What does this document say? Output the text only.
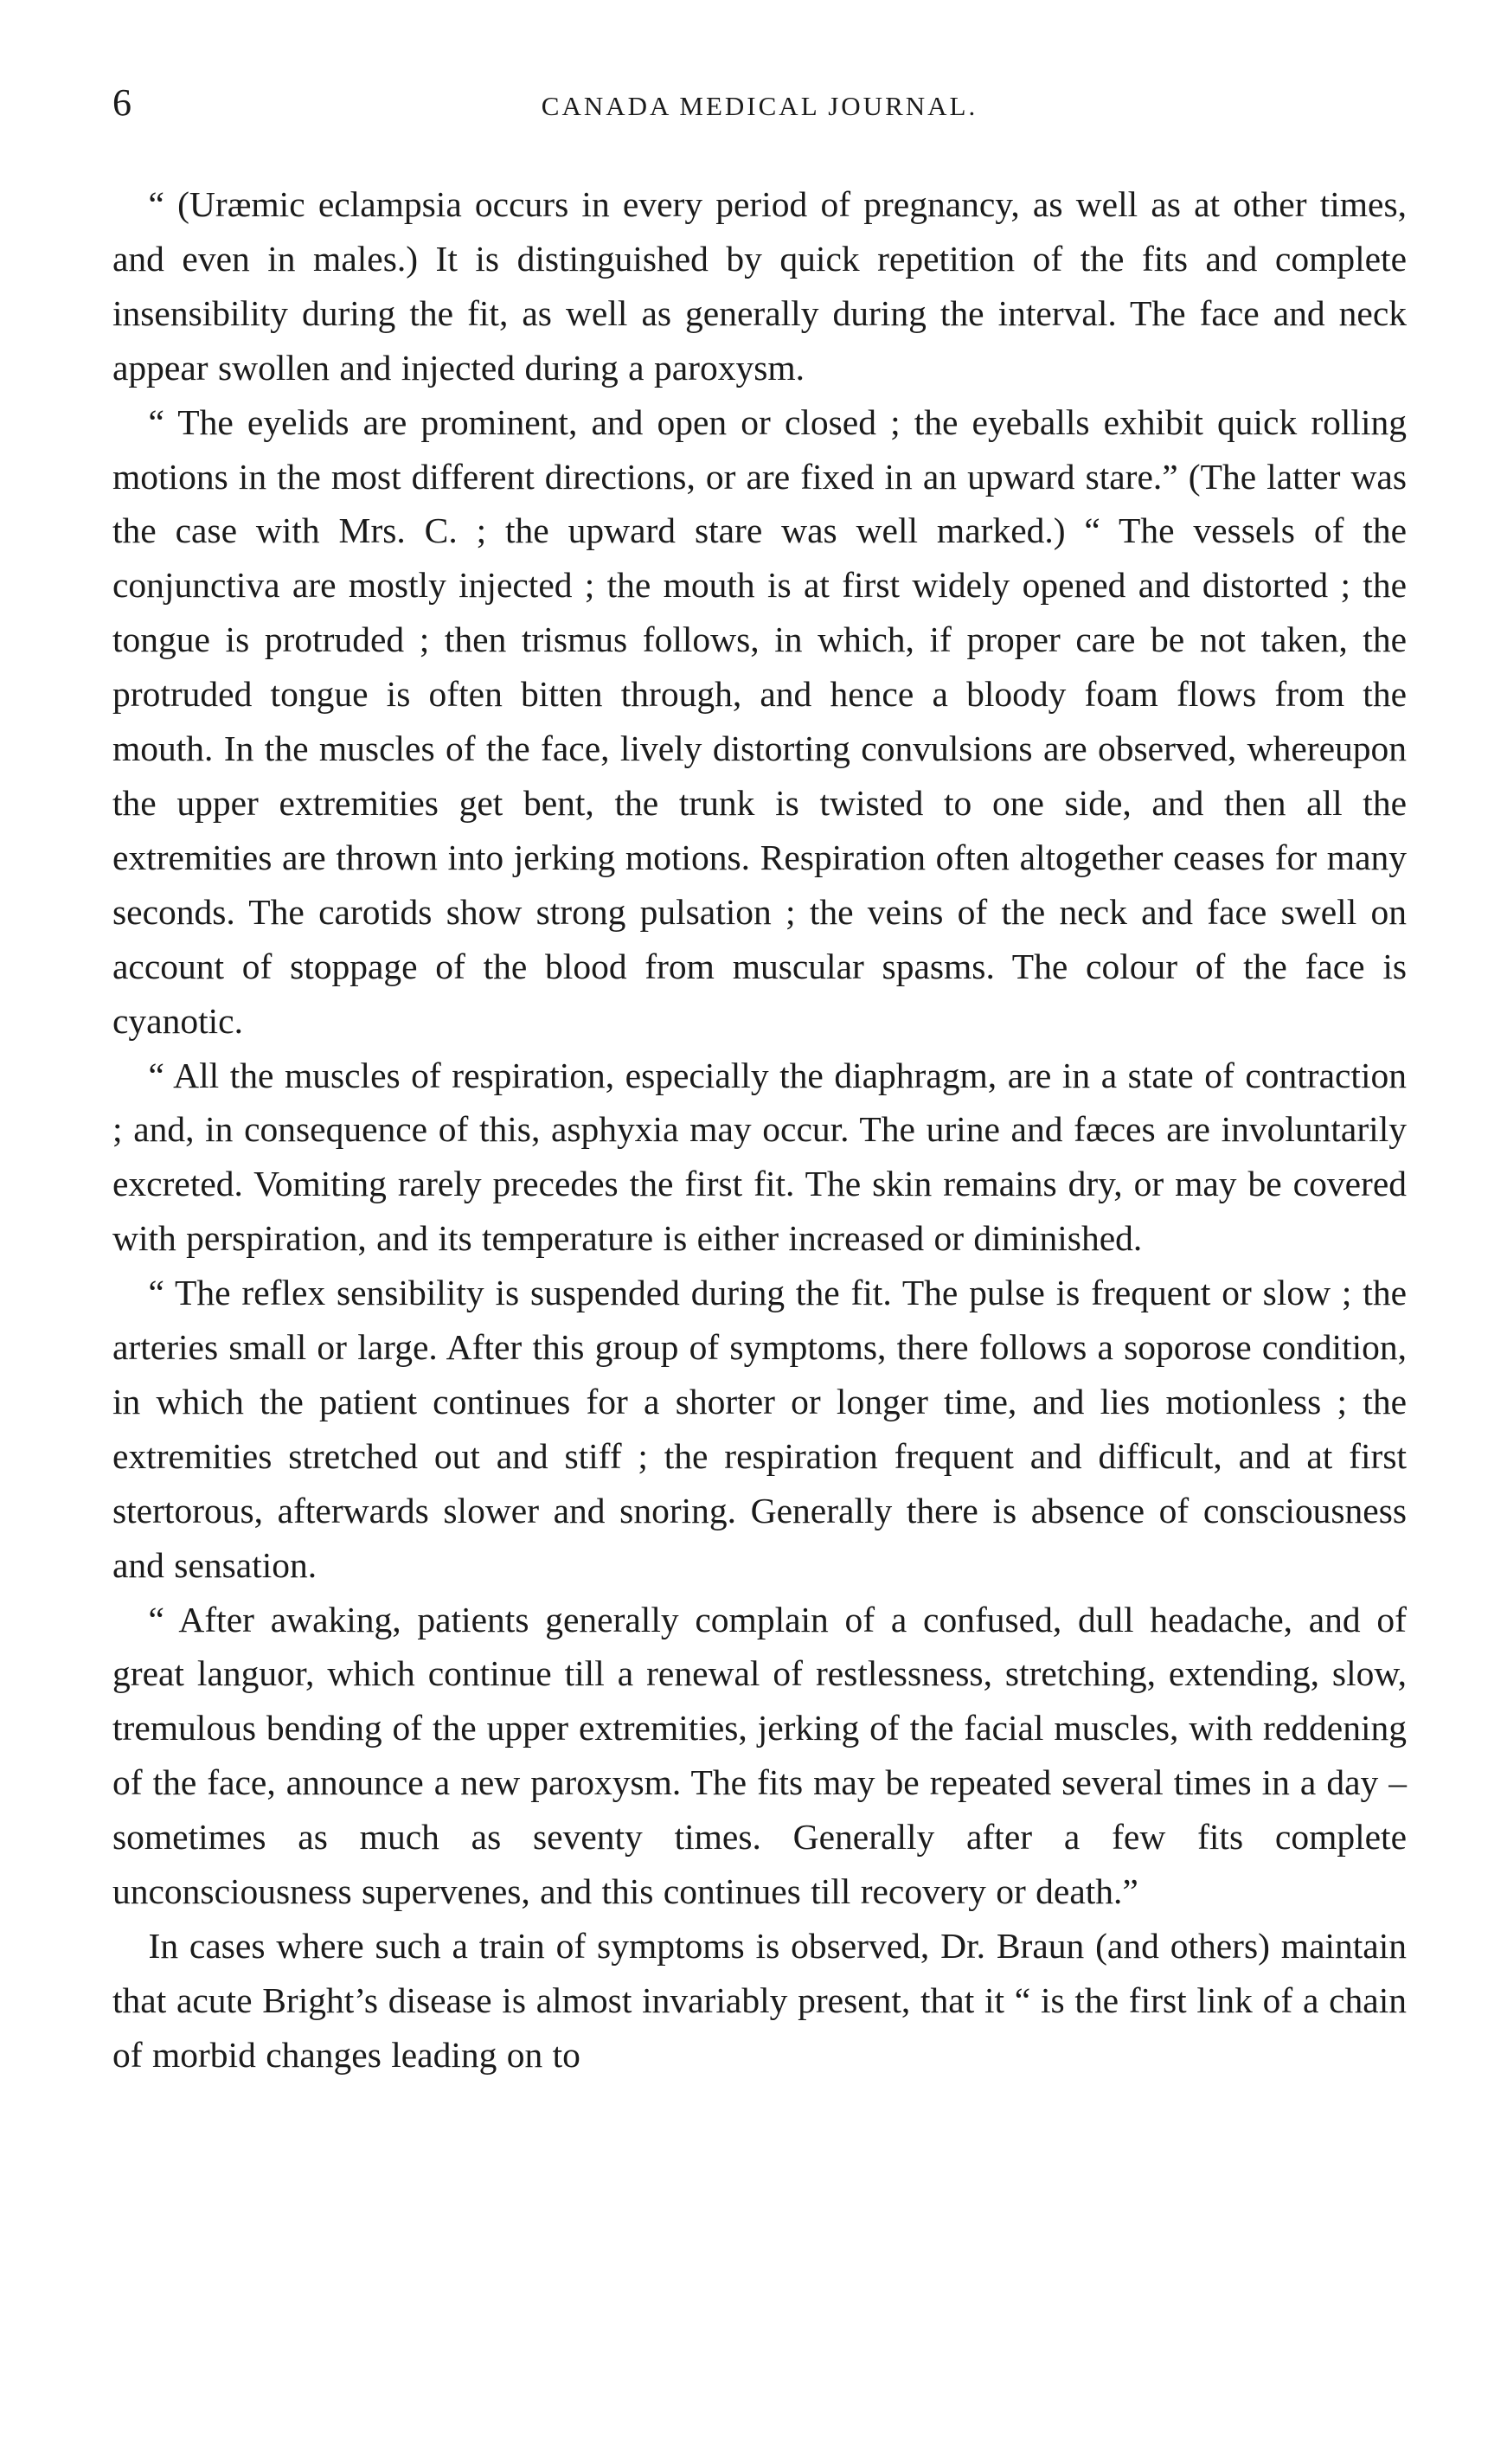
6	CANADA MEDICAL JOURNAL.

“ (Uræmic eclampsia occurs in every period of pregnancy, as well as at other times, and even in males.) It is distinguished by quick repetition of the fits and complete insensibility during the fit, as well as generally during the interval. The face and neck appear swollen and injected during a paroxysm.

“ The eyelids are prominent, and open or closed ; the eyeballs exhibit quick rolling motions in the most different directions, or are fixed in an upward stare.” (The latter was the case with Mrs. C. ; the upward stare was well marked.) “ The vessels of the conjunctiva are mostly injected ; the mouth is at first widely opened and distorted ; the tongue is protruded ; then trismus follows, in which, if proper care be not taken, the protruded tongue is often bitten through, and hence a bloody foam flows from the mouth. In the muscles of the face, lively distorting convulsions are observed, whereupon the upper extremities get bent, the trunk is twisted to one side, and then all the extremities are thrown into jerking motions. Respiration often altogether ceases for many seconds. The carotids show strong pulsation ; the veins of the neck and face swell on account of stoppage of the blood from muscular spasms. The colour of the face is cyanotic.

“ All the muscles of respiration, especially the diaphragm, are in a state of contraction ; and, in consequence of this, asphyxia may occur. The urine and fæces are involuntarily excreted. Vomiting rarely precedes the first fit. The skin remains dry, or may be covered with perspiration, and its temperature is either increased or diminished.

“ The reflex sensibility is suspended during the fit. The pulse is frequent or slow ; the arteries small or large. After this group of symptoms, there follows a soporose condition, in which the patient continues for a shorter or longer time, and lies motionless ; the extremities stretched out and stiff ; the respiration frequent and difficult, and at first stertorous, afterwards slower and snoring. Generally there is absence of consciousness and sensation.

“ After awaking, patients generally complain of a confused, dull headache, and of great languor, which continue till a renewal of restlessness, stretching, extending, slow, tremulous bending of the upper extremities, jerking of the facial muscles, with reddening of the face, announce a new paroxysm. The fits may be repeated several times in a day – sometimes as much as seventy times. Generally after a few fits complete unconsciousness supervenes, and this continues till recovery or death.”

In cases where such a train of symptoms is observed, Dr. Braun (and others) maintain that acute Bright’s disease is almost invariably present, that it “ is the first link of a chain of morbid changes leading on to
